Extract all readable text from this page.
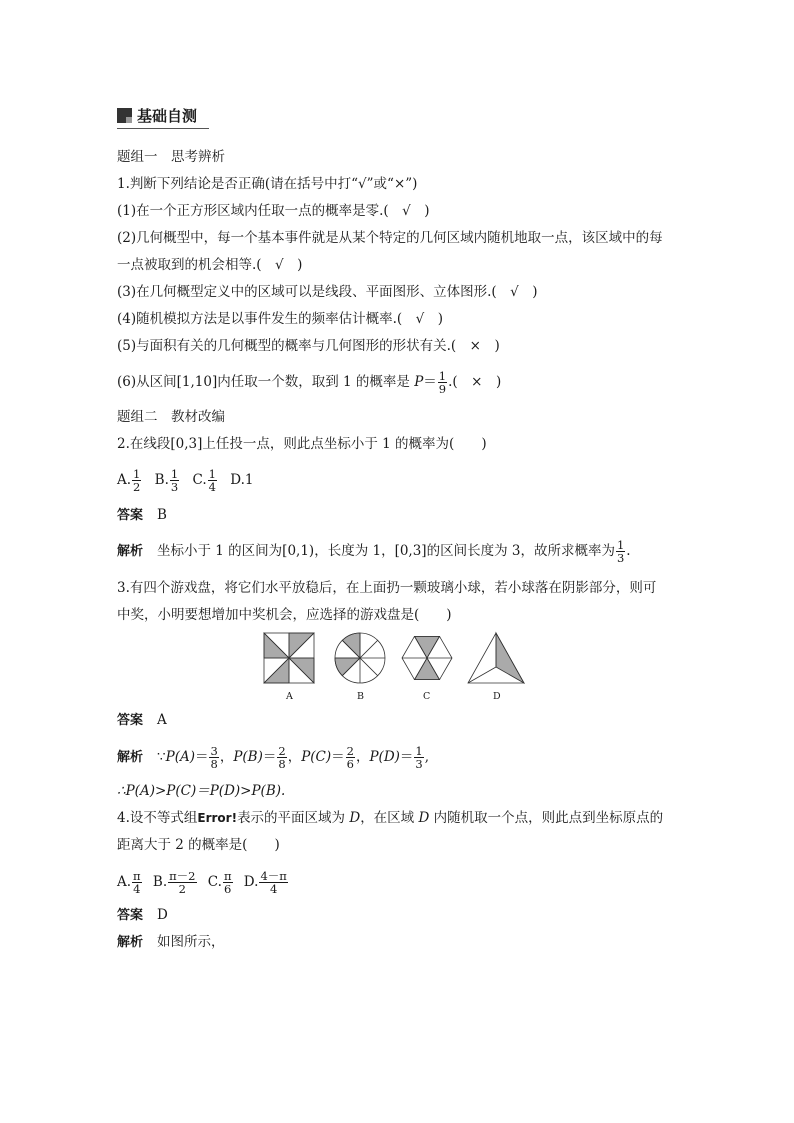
基础自测
题组一　思考辨析
1.判断下列结论是否正确(请在括号中打“√”或“×”)
(1)在一个正方形区域内任取一点的概率是零.(　√　)
(2)几何概型中，每一个基本事件就是从某个特定的几何区域内随机地取一点，该区域中的每
一点被取到的机会相等.(　√　)
(3)在几何概型定义中的区域可以是线段、平面图形、立体图形.(　√　)
(4)随机模拟方法是以事件发生的频率估计概率.(　√　)
(5)与面积有关的几何概型的概率与几何图形的形状有关.(　×　)
(6)从区间[1,10]内任取一个数，取到 1 的概率是 $P= \frac{1}{9}$ .(　×　)
题组二　教材改编
2.在线段[0,3]上任投一点，则此点坐标小于 1 的概率为(　　)
A. $\frac{1}{2} B$. $\frac{1}{3} C$. $\frac{1}{4} D.1$
答案 B
解析 坐标小于 1 的区间为[0,1)，长度为 1，[0,3]的区间长度为 3，故所求概率为 $\frac{1}{3}$ .
3.有四个游戏盘，将它们水平放稳后，在上面扔一颗玻璃小球，若小球落在阴影部分，则可
中奖，小明要想增加中奖机会，应选择的游戏盘是(　　)
A	B	C	D
答案 A
解析 ∵P(A)＝ $\frac{3}{8}$ ，$P(B)= \frac{2}{8}$ ，$P(C)= \frac{2}{6}$ ，$P(D)= \frac{1}{3}$ ,
∴P(A)>P(C)＝P(D)>P(B).
4.设不等式组Error!表示的平面区域为 D，在区域 D 内随机取一个点，则此点到坐标原点的
距离大于 2 的概率是(　　)
A. $\frac{\pi}{4} B$. $\frac{\pi-2}{2} C$. $\frac{\pi}{6} D$. $\frac{4-\pi}{4}$
答案 D
解析 如图所示，
